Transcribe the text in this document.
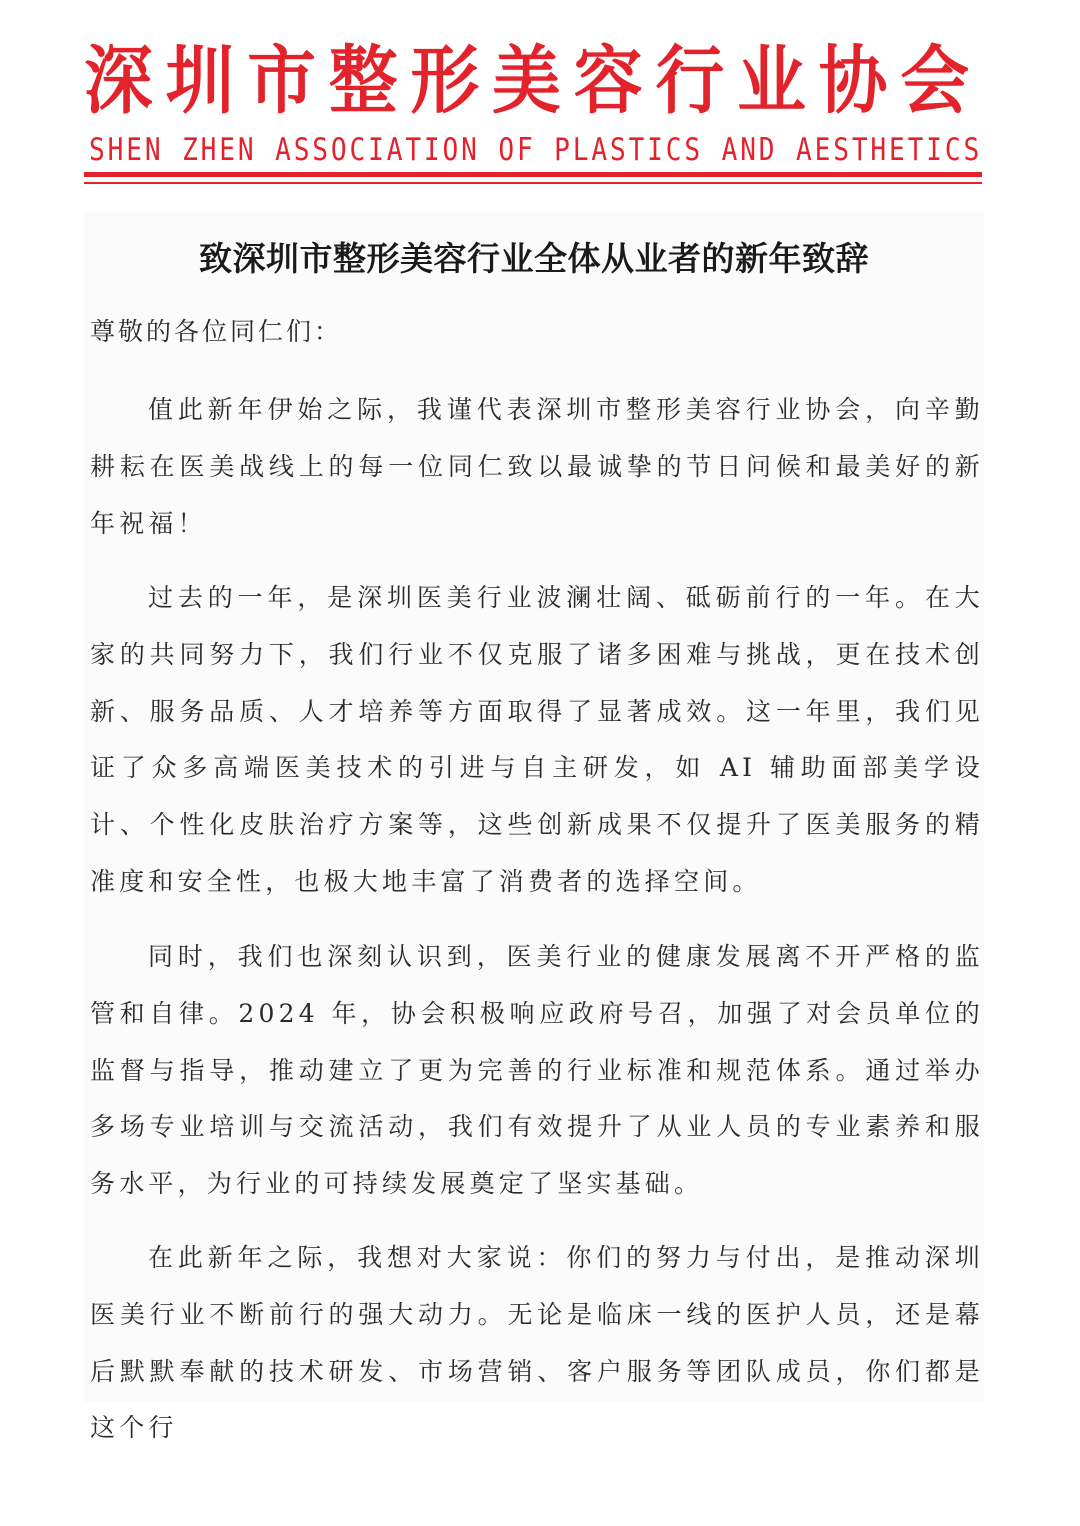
深圳市整形美容行业协会
SHEN ZHEN ASSOCIATION OF PLASTICS AND AESTHETICS
致深圳市整形美容行业全体从业者的新年致辞
尊敬的各位同仁们：

值此新年伊始之际，我谨代表深圳市整形美容行业协会，向辛勤耕耘在医美战线上的每一位同仁致以最诚挚的节日问候和最美好的新年祝福！

过去的一年，是深圳医美行业波澜壮阔、砥砺前行的一年。在大家的共同努力下，我们行业不仅克服了诸多困难与挑战，更在技术创新、服务品质、人才培养等方面取得了显著成效。这一年里，我们见证了众多高端医美技术的引进与自主研发，如 AI 辅助面部美学设计、个性化皮肤治疗方案等，这些创新成果不仅提升了医美服务的精准度和安全性，也极大地丰富了消费者的选择空间。

同时，我们也深刻认识到，医美行业的健康发展离不开严格的监管和自律。2024 年，协会积极响应政府号召，加强了对会员单位的监督与指导，推动建立了更为完善的行业标准和规范体系。通过举办多场专业培训与交流活动，我们有效提升了从业人员的专业素养和服务水平，为行业的可持续发展奠定了坚实基础。

在此新年之际，我想对大家说：你们的努力与付出，是推动深圳医美行业不断前行的强大动力。无论是临床一线的医护人员，还是幕后默默奉献的技术研发、市场营销、客户服务等团队成员，你们都是这个行
